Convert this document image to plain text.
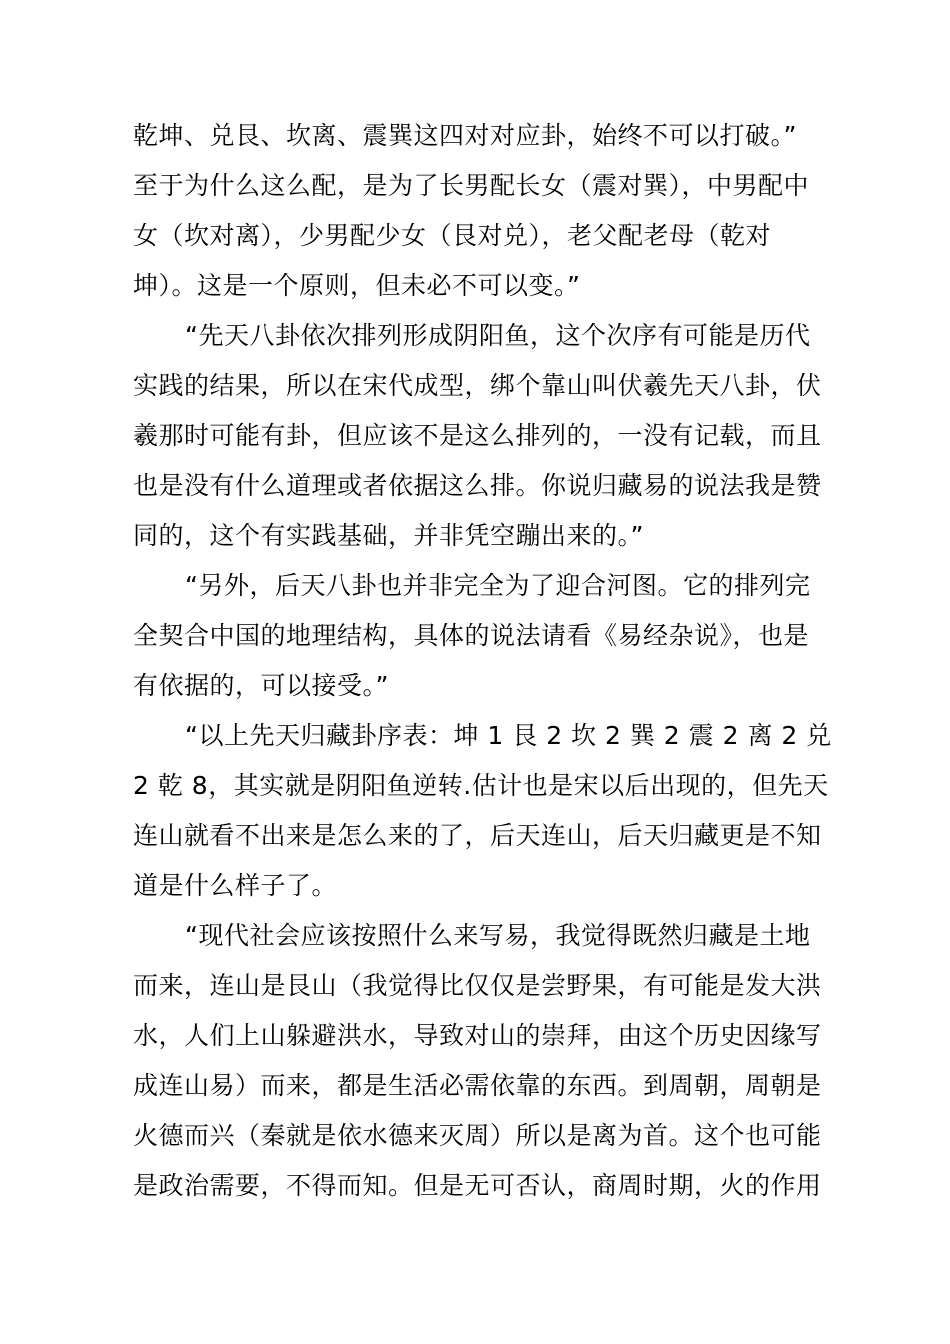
乾坤、兑艮、坎离、震巽这四对对应卦，始终不可以打破。”
至于为什么这么配，是为了长男配长女（震对巽），中男配中
女（坎对离），少男配少女（艮对兑），老父配老母（乾对
坤）。这是一个原则，但未必不可以变。”
“先天八卦依次排列形成阴阳鱼，这个次序有可能是历代
实践的结果，所以在宋代成型，绑个靠山叫伏羲先天八卦，伏
羲那时可能有卦，但应该不是这么排列的，一没有记载，而且
也是没有什么道理或者依据这么排。你说归藏易的说法我是赞
同的，这个有实践基础，并非凭空蹦出来的。”
“另外，后天八卦也并非完全为了迎合河图。它的排列完
全契合中国的地理结构，具体的说法请看《易经杂说》，也是
有依据的，可以接受。”
“以上先天归藏卦序表：坤 1 艮 2 坎 2 巽 2 震 2 离 2 兑
2 乾 8，其实就是阴阳鱼逆转.估计也是宋以后出现的，但先天
连山就看不出来是怎么来的了，后天连山，后天归藏更是不知
道是什么样子了。
“现代社会应该按照什么来写易，我觉得既然归藏是土地
而来，连山是艮山（我觉得比仅仅是尝野果，有可能是发大洪
水，人们上山躲避洪水，导致对山的崇拜，由这个历史因缘写
成连山易）而来，都是生活必需依靠的东西。到周朝，周朝是
火德而兴（秦就是依水德来灭周）所以是离为首。这个也可能
是政治需要，不得而知。但是无可否认，商周时期，火的作用
